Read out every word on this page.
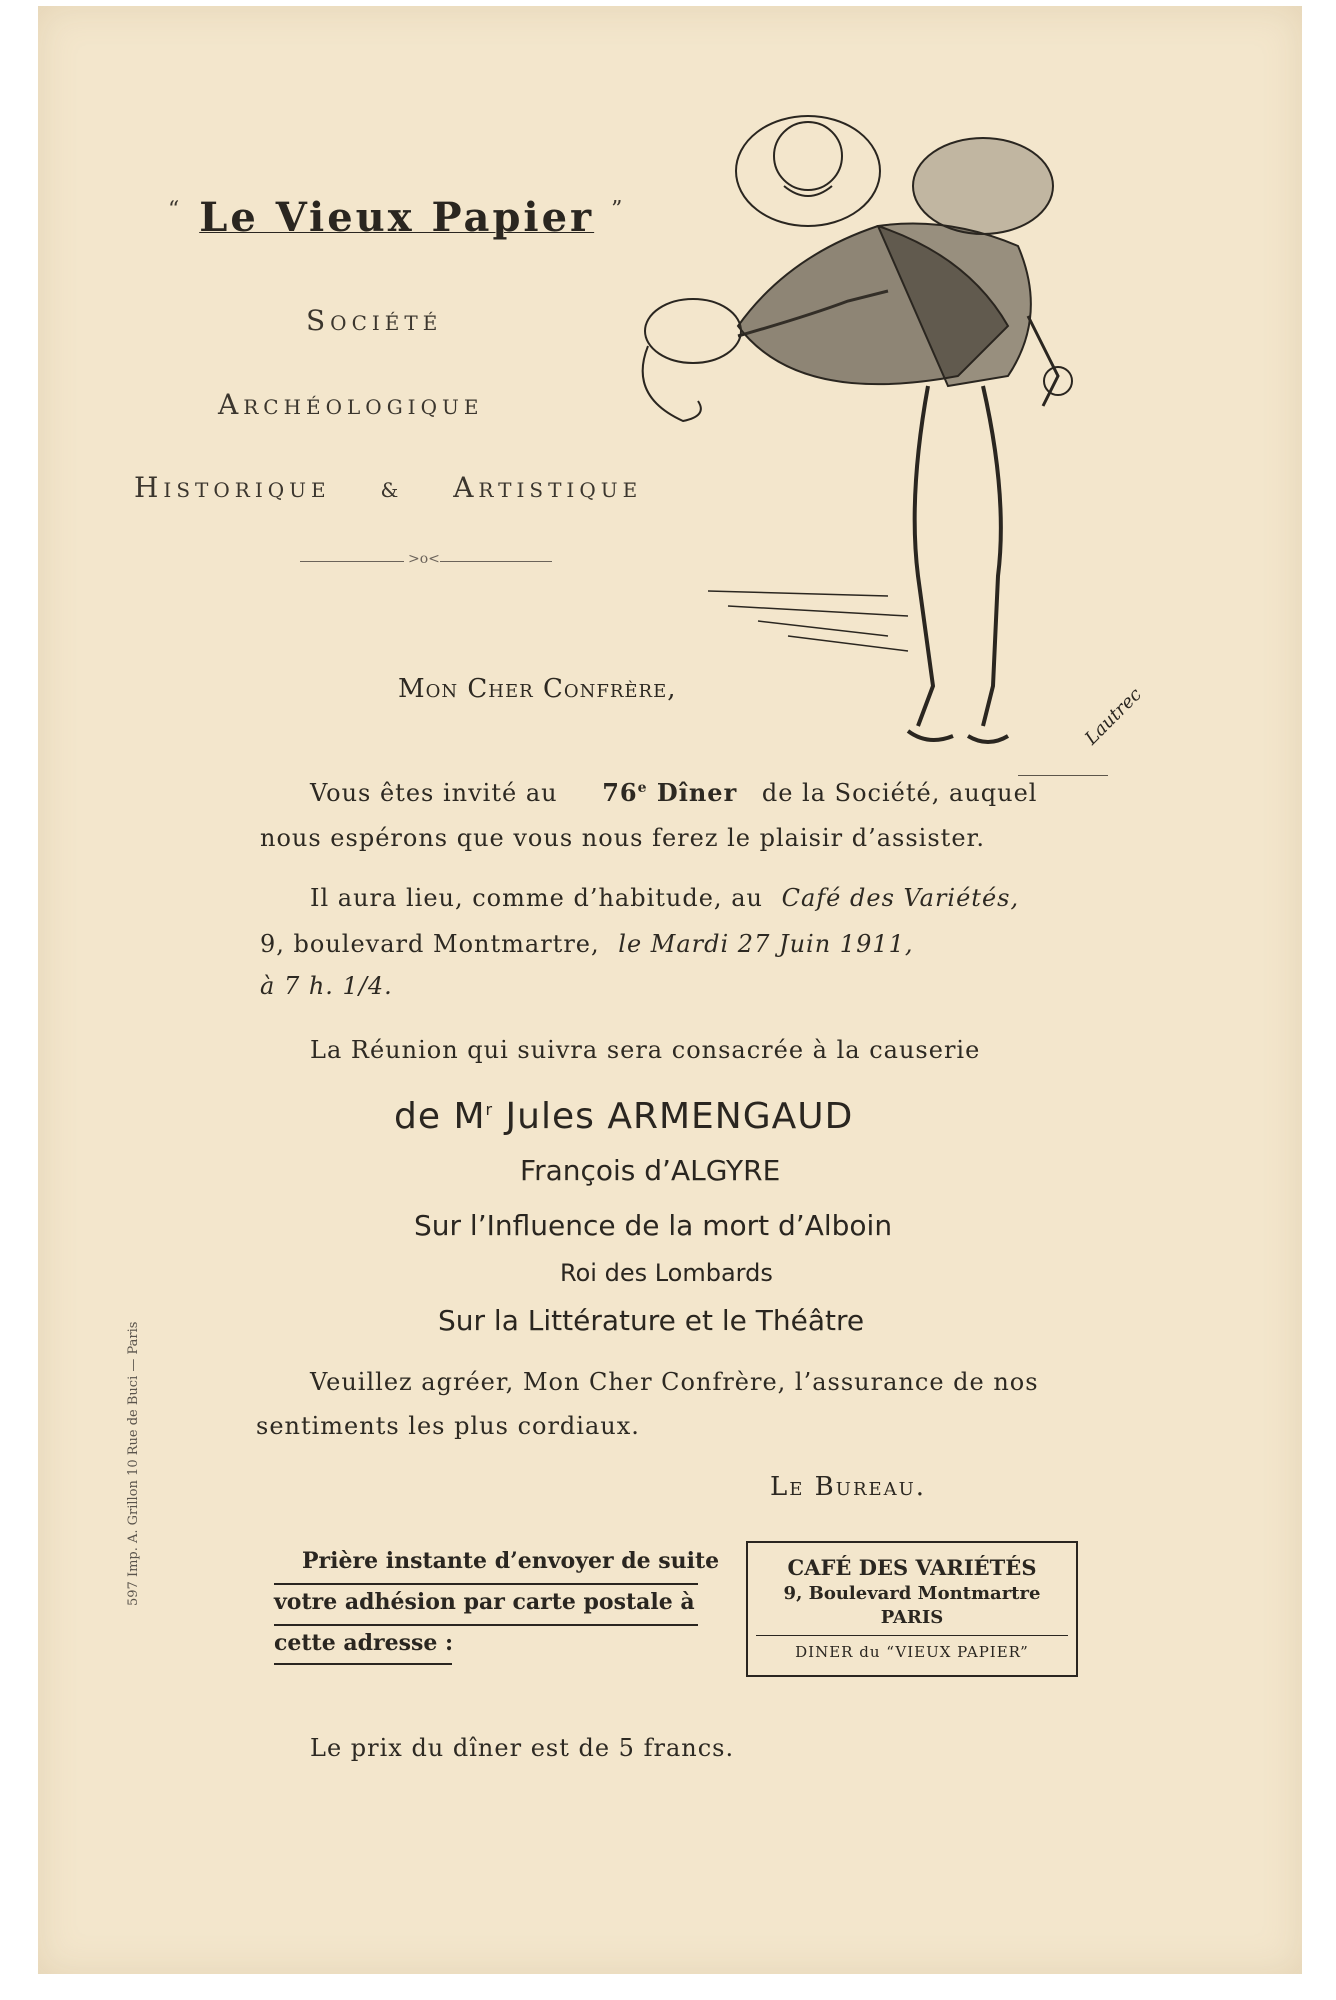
“ Le Vieux Papier ”
Société
Archéologique
Historique & Artistique
>o<
Lautrec
Mon Cher Confrère,
Vous êtes invité au 76e Dîner de la Société, auquel
nous espérons que vous nous ferez le plaisir d’assister.
Il aura lieu, comme d’habitude, au Café des Variétés,
9, boulevard Montmartre, le Mardi 27 Juin 1911,
à 7 h. 1/4.
La Réunion qui suivra sera consacrée à la causerie
de $M^r$ Jules ARMENGAUD
François d’ALGYRE
Sur l’Influence de la mort d’Alboin
Roi des Lombards
Sur la Littérature et le Théâtre
Veuillez agréer, Mon Cher Confrère, l’assurance de nos
sentiments les plus cordiaux.
Le Bureau.
Prière instante d’envoyer de suite
votre adhésion par carte postale à
cette adresse :
CAFÉ DES VARIÉTÉS
9, Boulevard Montmartre
PARIS
DINER du “VIEUX PAPIER”
Le prix du dîner est de 5 francs.
597 Imp. A. Grillon 10 Rue de Buci — Paris
